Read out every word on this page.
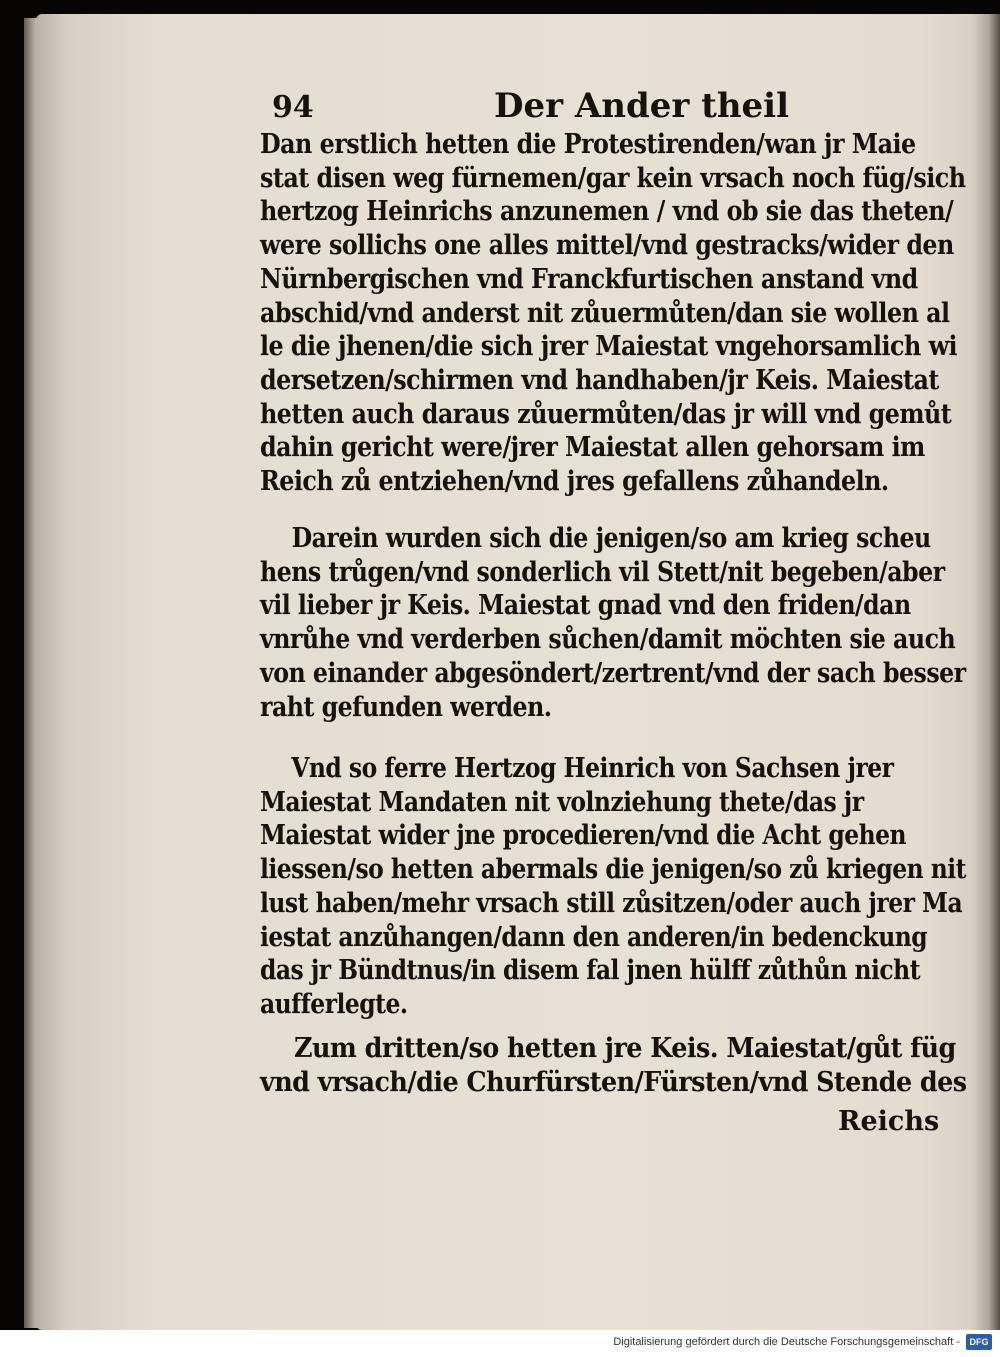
94	Der Ander theil
Dan erstlich hetten die Protestirenden/wan jr Maie
stat disen weg fürnemen/gar kein vrsach noch füg/sich
hertzog Heinrichs anzunemen / vnd ob sie das theten/
were sollichs one alles mittel/vnd gestracks/wider den
Nürnbergischen vnd Franckfurtischen anstand vnd
abschid/vnd anderst nit zůuermůten/dan sie wollen al
le die jhenen/die sich jrer Maiestat vngehorsamlich wi
dersetzen/schirmen vnd handhaben/jr Keis. Maiestat
hetten auch daraus zůuermůten/das jr will vnd gemůt
dahin gericht were/jrer Maiestat allen gehorsam im
Reich zů entziehen/vnd jres gefallens zůhandeln.
Darein wurden sich die jenigen/so am krieg scheu
hens trůgen/vnd sonderlich vil Stett/nit begeben/aber
vil lieber jr Keis. Maiestat gnad vnd den friden/dan
vnrůhe vnd verderben sůchen/damit möchten sie auch
von einander abgesöndert/zertrent/vnd der sach besser
raht gefunden werden.
Vnd so ferre Hertzog Heinrich von Sachsen jrer
Maiestat Mandaten nit volnziehung thete/das jr
Maiestat wider jne procedieren/vnd die Acht gehen
liessen/so hetten abermals die jenigen/so zů kriegen nit
lust haben/mehr vrsach still zůsitzen/oder auch jrer Ma
iestat anzůhangen/dann den anderen/in bedenckung
das jr Bündtnus/in disem fal jnen hülff zůthůn nicht
aufferlegte.
Zum dritten/so hetten jre Keis. Maiestat/gůt füg
vnd vrsach/die Churfürsten/Fürsten/vnd Stende des
Reichs
Digitalisierung gefördert durch die Deutsche Forschungsgemeinschaft -	DFG
